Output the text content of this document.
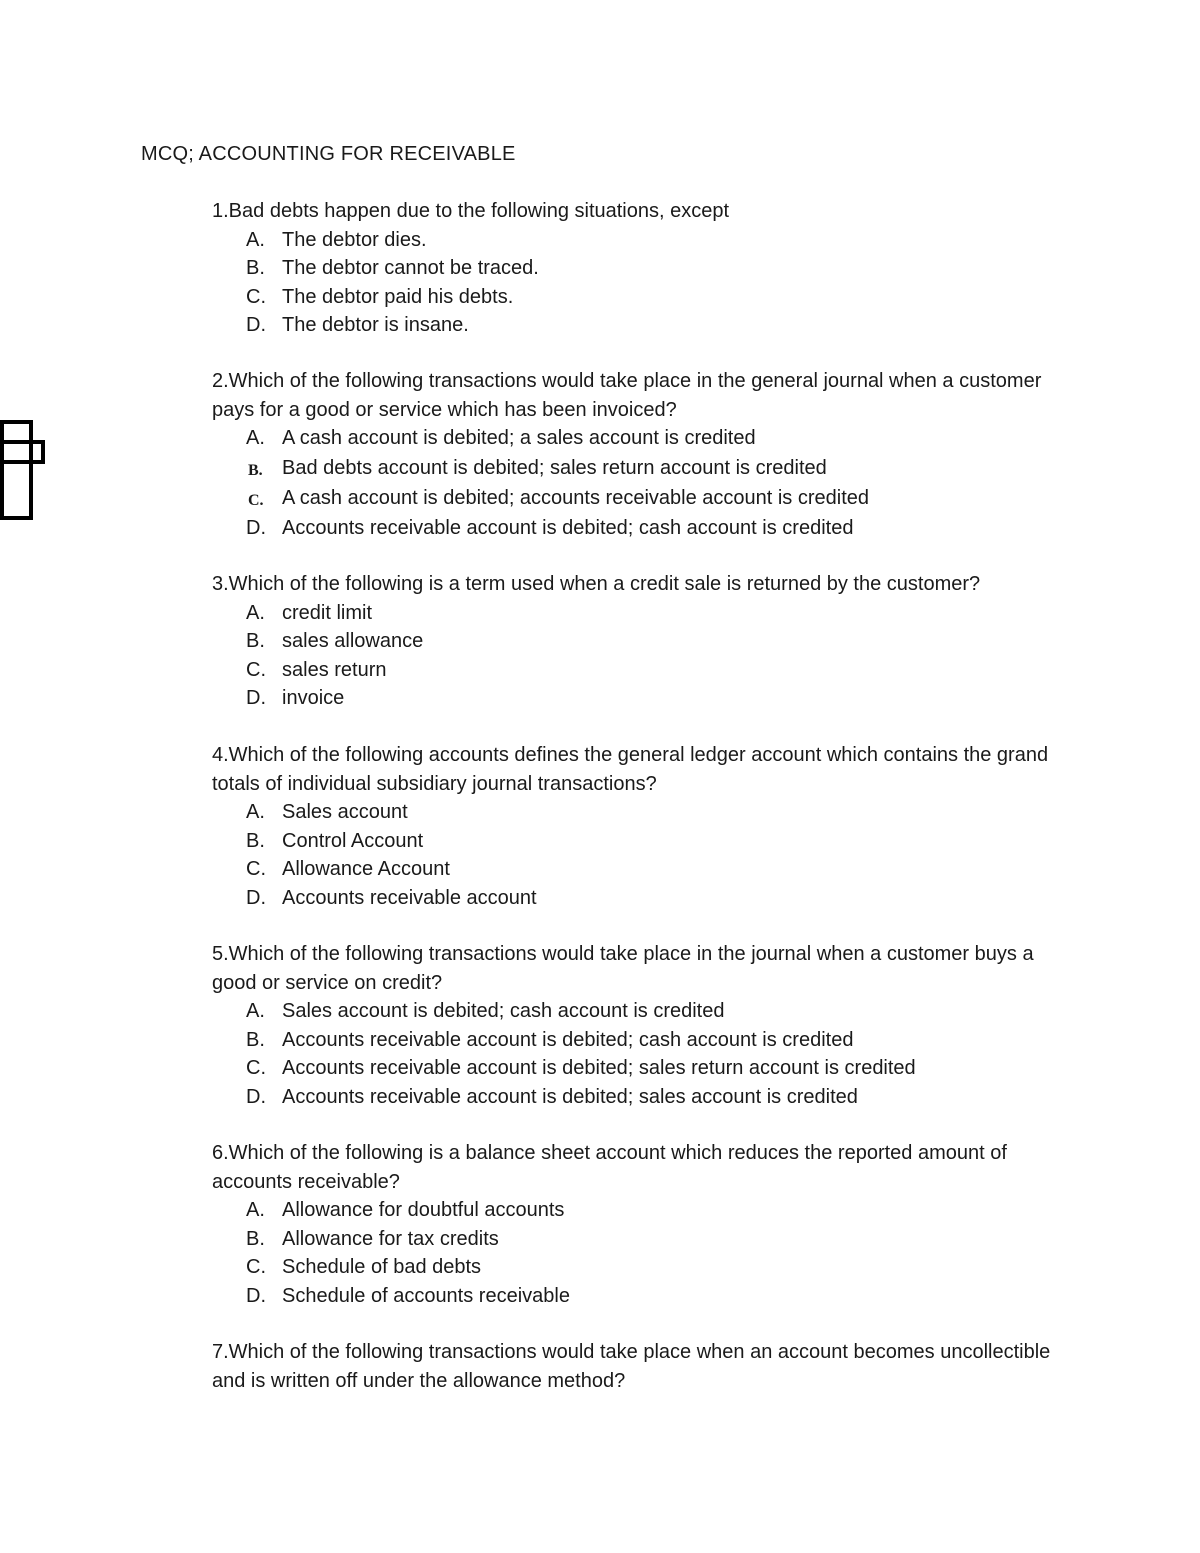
MCQ; ACCOUNTING FOR RECEIVABLE

1.Bad debts happen due to the following situations, except

A. The debtor dies.
B. The debtor cannot be traced.
C. The debtor paid his debts.
D. The debtor is insane.

2.Which of the following transactions would take place in the general journal when a customer pays for a good or service which has been invoiced?

A. A cash account is debited; a sales account is credited
B. Bad debts account is debited; sales return account is credited
C. A cash account is debited; accounts receivable account is credited
D. Accounts receivable account is debited; cash account is credited

3.Which of the following is a term used when a credit sale is returned by the customer?

A. credit limit
B. sales allowance
C. sales return
D. invoice

4.Which of the following accounts defines the general ledger account which contains the grand totals of individual subsidiary journal transactions?

A. Sales account
B. Control Account
C. Allowance Account
D. Accounts receivable account

5.Which of the following transactions would take place in the journal when a customer buys a good or service on credit?

A. Sales account is debited; cash account is credited
B. Accounts receivable account is debited; cash account is credited
C. Accounts receivable account is debited; sales return account is credited
D. Accounts receivable account is debited; sales account is credited

6.Which of the following is a balance sheet account which reduces the reported amount of accounts receivable?

A. Allowance for doubtful accounts
B. Allowance for tax credits
C. Schedule of bad debts
D. Schedule of accounts receivable

7.Which of the following transactions would take place when an account becomes uncollectible and is written off under the allowance method?
